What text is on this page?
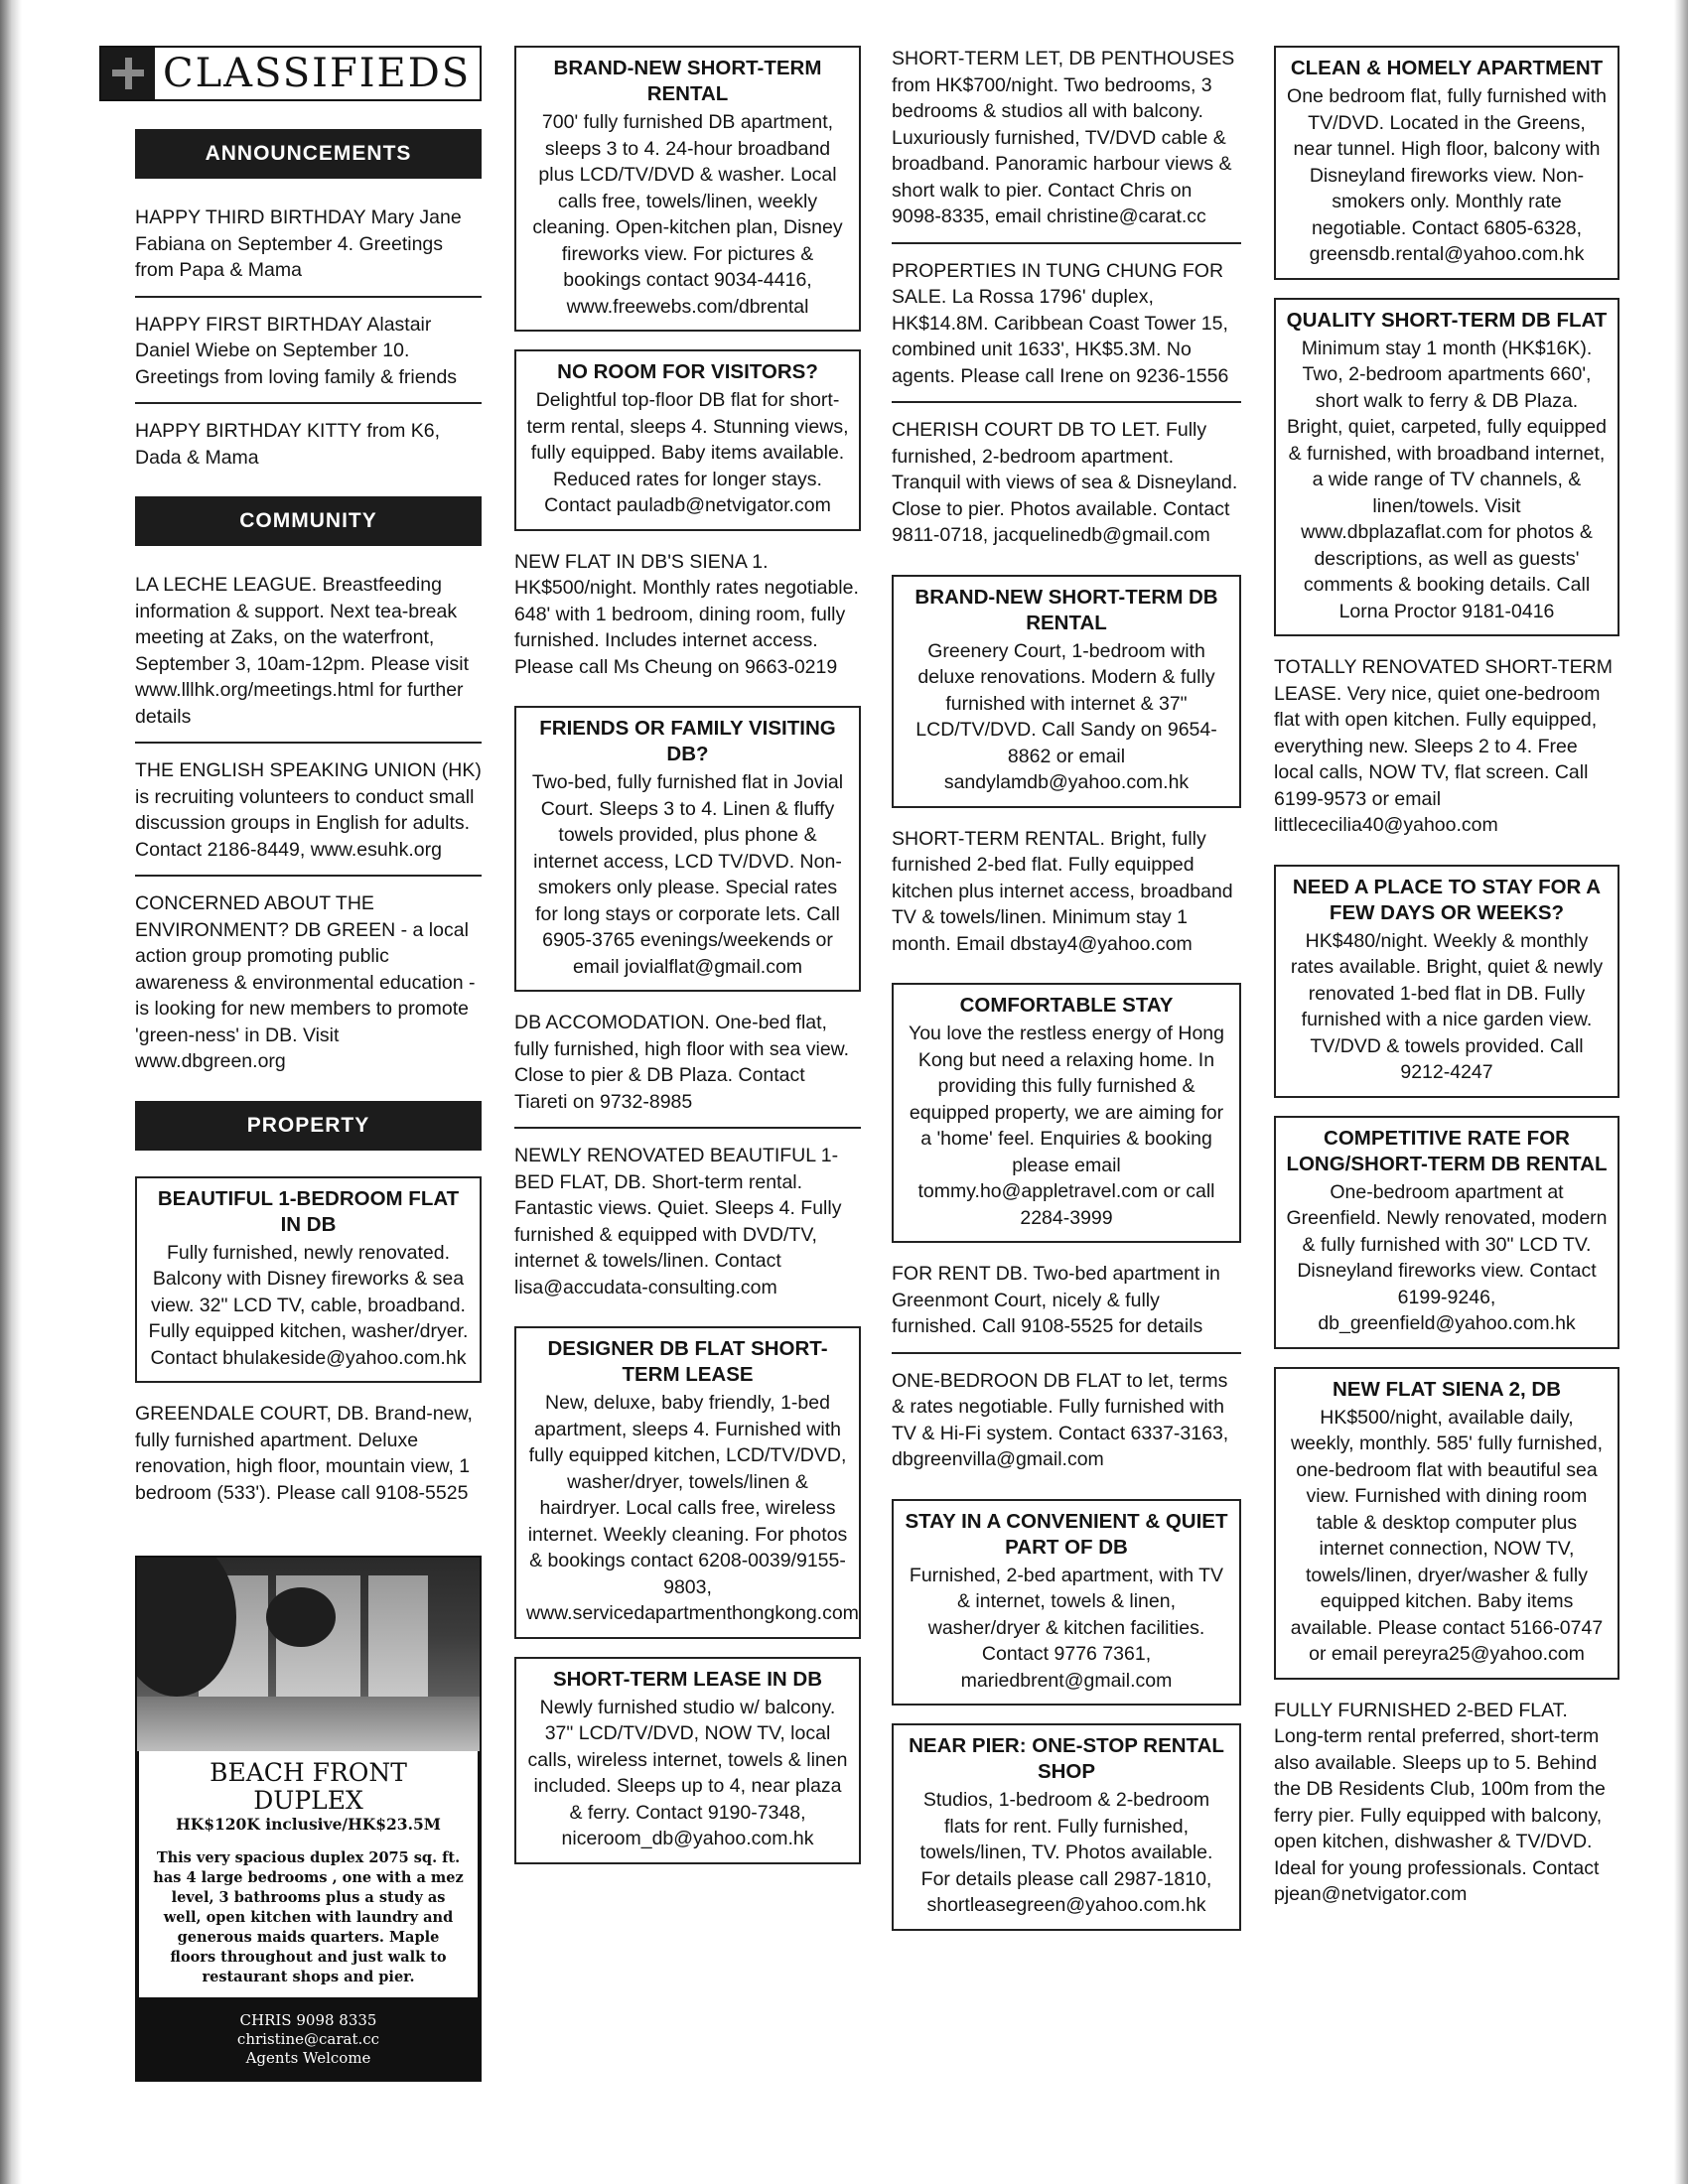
CLASSIFIEDS
ANNOUNCEMENTS
HAPPY THIRD BIRTHDAY Mary Jane Fabiana on September 4. Greetings from Papa & Mama
HAPPY FIRST BIRTHDAY Alastair Daniel Wiebe on September 10. Greetings from loving family & friends
HAPPY BIRTHDAY KITTY from K6, Dada & Mama
COMMUNITY
LA LECHE LEAGUE. Breastfeeding information & support. Next tea-break meeting at Zaks, on the waterfront, September 3, 10am-12pm. Please visit www.lllhk.org/meetings.html for further details
THE ENGLISH SPEAKING UNION (HK) is recruiting volunteers to conduct small discussion groups in English for adults. Contact 2186-8449, www.esuhk.org
CONCERNED ABOUT THE ENVIRONMENT? DB GREEN - a local action group promoting public awareness & environmental education - is looking for new members to promote 'green-ness' in DB. Visit www.dbgreen.org
PROPERTY
BEAUTIFUL 1-BEDROOM FLAT IN DB
Fully furnished, newly renovated. Balcony with Disney fireworks & sea view. 32" LCD TV, cable, broadband. Fully equipped kitchen, washer/dryer. Contact bhulakeside@yahoo.com.hk
GREENDALE COURT, DB. Brand-new, fully furnished apartment. Deluxe renovation, high floor, mountain view, 1 bedroom (533'). Please call 9108-5525
BEACH FRONT DUPLEX
HK$120K inclusive/HK$23.5M
This very spacious duplex 2075 sq. ft. has 4 large bedrooms , one with a mez level, 3 bathrooms plus a study as well, open kitchen with laundry and generous maids quarters. Maple floors throughout and just walk to restaurant shops and pier.
CHRIS 9098 8335
christine@carat.cc
Agents Welcome
BRAND-NEW SHORT-TERM RENTAL
700' fully furnished DB apartment, sleeps 3 to 4. 24-hour broadband plus LCD/TV/DVD & washer. Local calls free, towels/linen, weekly cleaning. Open-kitchen plan, Disney fireworks view. For pictures & bookings contact 9034-4416, www.freewebs.com/dbrental
NO ROOM FOR VISITORS?
Delightful top-floor DB flat for short-term rental, sleeps 4. Stunning views, fully equipped. Baby items available. Reduced rates for longer stays. Contact pauladb@netvigator.com
NEW FLAT IN DB'S SIENA 1. HK$500/night. Monthly rates negotiable. 648' with 1 bedroom, dining room, fully furnished. Includes internet access. Please call Ms Cheung on 9663-0219
FRIENDS OR FAMILY VISITING DB?
Two-bed, fully furnished flat in Jovial Court. Sleeps 3 to 4. Linen & fluffy towels provided, plus phone & internet access, LCD TV/DVD. Non-smokers only please. Special rates for long stays or corporate lets. Call 6905-3765 evenings/weekends or email jovialflat@gmail.com
DB ACCOMODATION. One-bed flat, fully furnished, high floor with sea view. Close to pier & DB Plaza. Contact Tiareti on 9732-8985
NEWLY RENOVATED BEAUTIFUL 1-BED FLAT, DB. Short-term rental. Fantastic views. Quiet. Sleeps 4. Fully furnished & equipped with DVD/TV, internet & towels/linen. Contact lisa@accudata-consulting.com
DESIGNER DB FLAT SHORT-TERM LEASE
New, deluxe, baby friendly, 1-bed apartment, sleeps 4. Furnished with fully equipped kitchen, LCD/TV/DVD, washer/dryer, towels/linen & hairdryer. Local calls free, wireless internet. Weekly cleaning. For photos & bookings contact 6208-0039/9155-9803, www.servicedapartmenthongkong.com
SHORT-TERM LEASE IN DB
Newly furnished studio w/ balcony. 37" LCD/TV/DVD, NOW TV, local calls, wireless internet, towels & linen included. Sleeps up to 4, near plaza & ferry. Contact 9190-7348, niceroom_db@yahoo.com.hk
SHORT-TERM LET, DB PENTHOUSES from HK$700/night. Two bedrooms, 3 bedrooms & studios all with balcony. Luxuriously furnished, TV/DVD cable & broadband. Panoramic harbour views & short walk to pier. Contact Chris on 9098-8335, email christine@carat.cc
PROPERTIES IN TUNG CHUNG FOR SALE. La Rossa 1796' duplex, HK$14.8M. Caribbean Coast Tower 15, combined unit 1633', HK$5.3M. No agents. Please call Irene on 9236-1556
CHERISH COURT DB TO LET. Fully furnished, 2-bedroom apartment. Tranquil with views of sea & Disneyland. Close to pier. Photos available. Contact 9811-0718, jacquelinedb@gmail.com
BRAND-NEW SHORT-TERM DB RENTAL
Greenery Court, 1-bedroom with deluxe renovations. Modern & fully furnished with internet & 37" LCD/TV/DVD. Call Sandy on 9654-8862 or email sandylamdb@yahoo.com.hk
SHORT-TERM RENTAL. Bright, fully furnished 2-bed flat. Fully equipped kitchen plus internet access, broadband TV & towels/linen. Minimum stay 1 month. Email dbstay4@yahoo.com
COMFORTABLE STAY
You love the restless energy of Hong Kong but need a relaxing home. In providing this fully furnished & equipped property, we are aiming for a 'home' feel. Enquiries & booking please email tommy.ho@appletravel.com or call 2284-3999
FOR RENT DB. Two-bed apartment in Greenmont Court, nicely & fully furnished. Call 9108-5525 for details
ONE-BEDROON DB FLAT to let, terms & rates negotiable. Fully furnished with TV & Hi-Fi system. Contact 6337-3163, dbgreenvilla@gmail.com
STAY IN A CONVENIENT & QUIET PART OF DB
Furnished, 2-bed apartment, with TV & internet, towels & linen, washer/dryer & kitchen facilities. Contact 9776 7361, mariedbrent@gmail.com
NEAR PIER: ONE-STOP RENTAL SHOP
Studios, 1-bedroom & 2-bedroom flats for rent. Fully furnished, towels/linen, TV. Photos available. For details please call 2987-1810, shortleasegreen@yahoo.com.hk
CLEAN & HOMELY APARTMENT
One bedroom flat, fully furnished with TV/DVD. Located in the Greens, near tunnel. High floor, balcony with Disneyland fireworks view. Non-smokers only. Monthly rate negotiable. Contact 6805-6328, greensdb.rental@yahoo.com.hk
QUALITY SHORT-TERM DB FLAT
Minimum stay 1 month (HK$16K). Two, 2-bedroom apartments 660', short walk to ferry & DB Plaza. Bright, quiet, carpeted, fully equipped & furnished, with broadband internet, a wide range of TV channels, & linen/towels. Visit www.dbplazaflat.com for photos & descriptions, as well as guests' comments & booking details. Call Lorna Proctor 9181-0416
TOTALLY RENOVATED SHORT-TERM LEASE. Very nice, quiet one-bedroom flat with open kitchen. Fully equipped, everything new. Sleeps 2 to 4. Free local calls, NOW TV, flat screen. Call 6199-9573 or email littlececilia40@yahoo.com
NEED A PLACE TO STAY FOR A FEW DAYS OR WEEKS?
HK$480/night. Weekly & monthly rates available. Bright, quiet & newly renovated 1-bed flat in DB. Fully furnished with a nice garden view. TV/DVD & towels provided. Call 9212-4247
COMPETITIVE RATE FOR LONG/SHORT-TERM DB RENTAL
One-bedroom apartment at Greenfield. Newly renovated, modern & fully furnished with 30" LCD TV. Disneyland fireworks view. Contact 6199-9246, db_greenfield@yahoo.com.hk
NEW FLAT SIENA 2, DB
HK$500/night, available daily, weekly, monthly. 585' fully furnished, one-bedroom flat with beautiful sea view. Furnished with dining room table & desktop computer plus internet connection, NOW TV, towels/linen, dryer/washer & fully equipped kitchen. Baby items available. Please contact 5166-0747 or email pereyra25@yahoo.com
FULLY FURNISHED 2-BED FLAT. Long-term rental preferred, short-term also available. Sleeps up to 5. Behind the DB Residents Club, 100m from the ferry pier. Fully equipped with balcony, open kitchen, dishwasher & TV/DVD. Ideal for young professionals. Contact pjean@netvigator.com
